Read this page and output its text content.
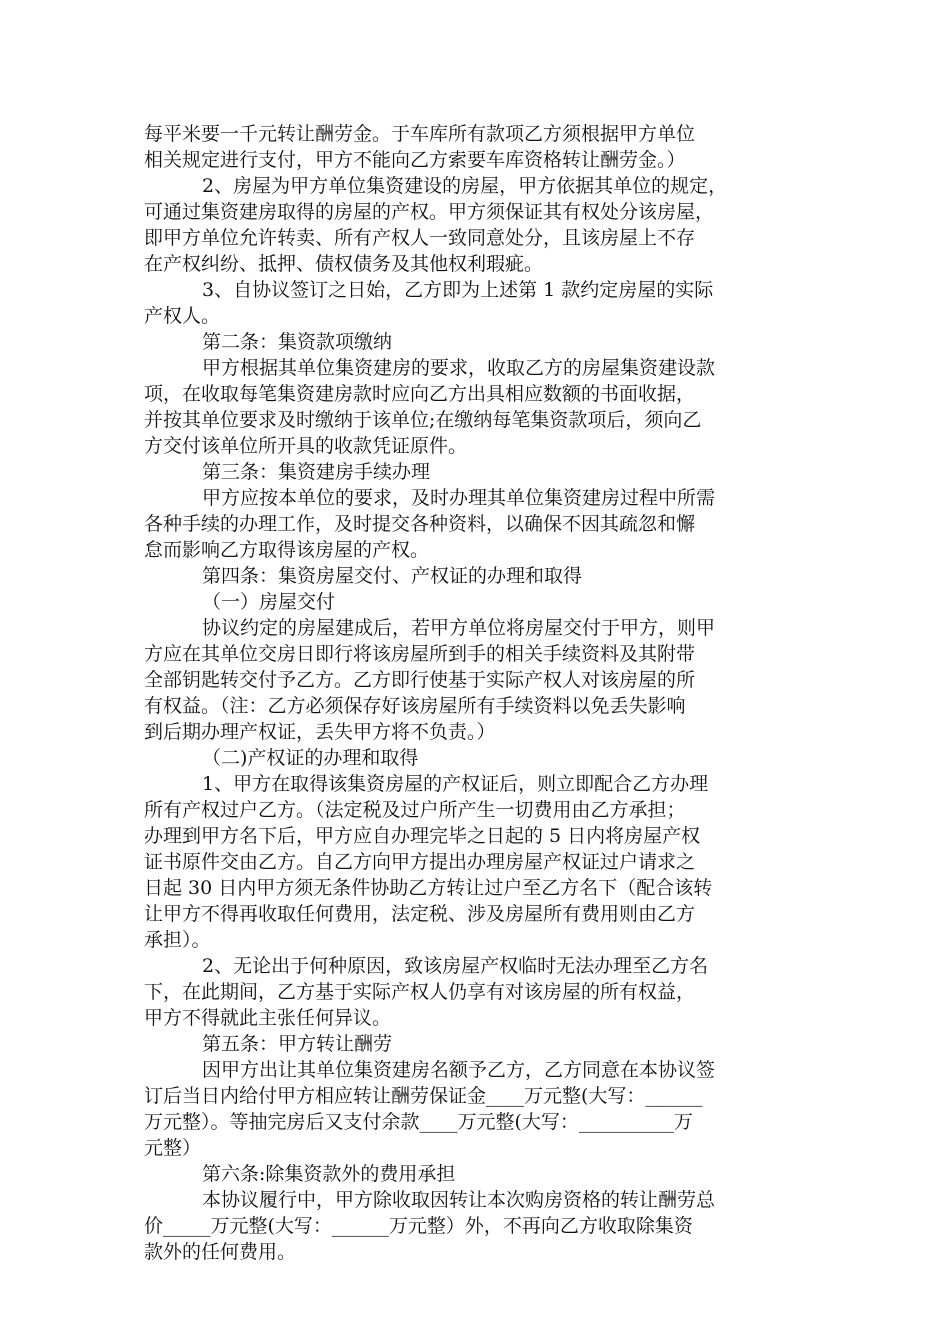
每平米要一千元转让酬劳金。于车库所有款项乙方须根据甲方单位
相关规定进行支付，甲方不能向乙方索要车库资格转让酬劳金。）
2、房屋为甲方单位集资建设的房屋，甲方依据其单位的规定，
可通过集资建房取得的房屋的产权。甲方须保证其有权处分该房屋，
即甲方单位允许转卖、所有产权人一致同意处分，且该房屋上不存
在产权纠纷、抵押、债权债务及其他权利瑕疵。
3、自协议签订之日始，乙方即为上述第 1 款约定房屋的实际
产权人。
第二条：集资款项缴纳
甲方根据其单位集资建房的要求，收取乙方的房屋集资建设款
项，在收取每笔集资建房款时应向乙方出具相应数额的书面收据，
并按其单位要求及时缴纳于该单位;在缴纳每笔集资款项后，须向乙
方交付该单位所开具的收款凭证原件。
第三条：集资建房手续办理
甲方应按本单位的要求，及时办理其单位集资建房过程中所需
各种手续的办理工作，及时提交各种资料，以确保不因其疏忽和懈
怠而影响乙方取得该房屋的产权。
第四条：集资房屋交付、产权证的办理和取得
（一）房屋交付
协议约定的房屋建成后，若甲方单位将房屋交付于甲方，则甲
方应在其单位交房日即行将该房屋所到手的相关手续资料及其附带
全部钥匙转交付予乙方。乙方即行使基于实际产权人对该房屋的所
有权益。（注：乙方必须保存好该房屋所有手续资料以免丢失影响
到后期办理产权证，丢失甲方将不负责。）
（二)产权证的办理和取得
1、甲方在取得该集资房屋的产权证后，则立即配合乙方办理
所有产权过户乙方。（法定税及过户所产生一切费用由乙方承担；
办理到甲方名下后，甲方应自办理完毕之日起的 5 日内将房屋产权
证书原件交由乙方。自乙方向甲方提出办理房屋产权证过户请求之
日起 30 日内甲方须无条件协助乙方转让过户至乙方名下（配合该转
让甲方不得再收取任何费用，法定税、涉及房屋所有费用则由乙方
承担）。
2、无论出于何种原因，致该房屋产权临时无法办理至乙方名
下，在此期间，乙方基于实际产权人仍享有对该房屋的所有权益，
甲方不得就此主张任何异议。
第五条：甲方转让酬劳
因甲方出让其单位集资建房名额予乙方，乙方同意在本协议签
订后当日内给付甲方相应转让酬劳保证金____万元整(大写：______
万元整）。等抽完房后又支付余款____万元整(大写：__________万
元整）
第六条:除集资款外的费用承担
本协议履行中，甲方除收取因转让本次购房资格的转让酬劳总
价_____万元整(大写：______万元整）外，不再向乙方收取除集资
款外的任何费用。
